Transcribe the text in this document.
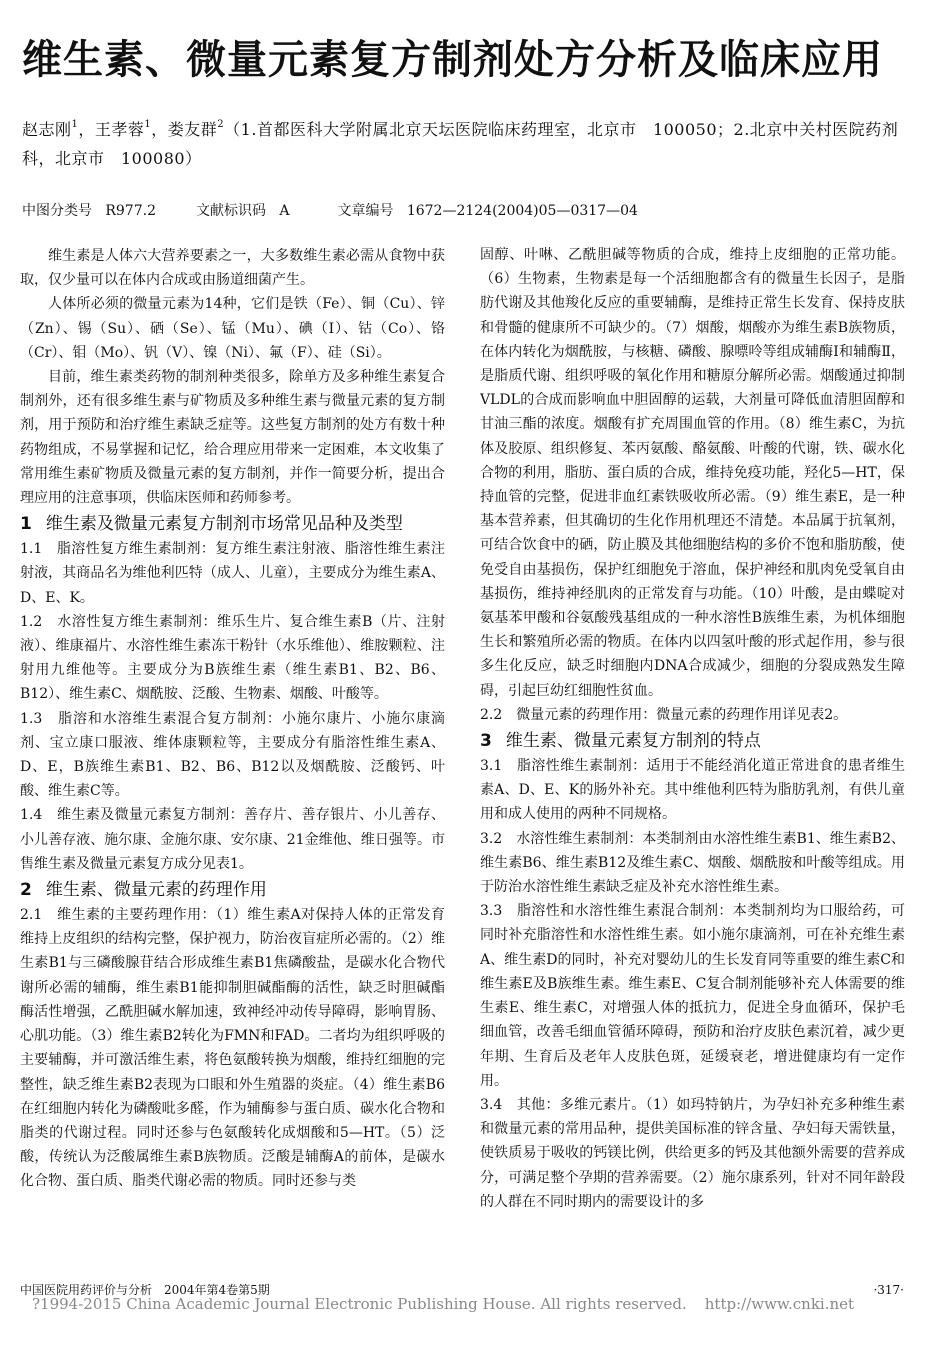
维生素、微量元素复方制剂处方分析及临床应用
赵志刚$^1$，王孝蓉$^1$，娄友群$^2$（1.首都医科大学附属北京天坛医院临床药理室，北京市　100050；2.北京中关村医院药剂科，北京市　100080）
中图分类号 R977.2	文献标识码 A	文章编号 1672—2124(2004)05—0317—04

维生素是人体六大营养要素之一，大多数维生素必需从食物中获取，仅少量可以在体内合成或由肠道细菌产生。

人体所必须的微量元素为14种，它们是铁（Fe）、铜（Cu）、锌（Zn）、锡（Su）、硒（Se）、锰（Mu）、碘（I）、钴（Co）、铬（Cr）、钼（Mo）、钒（V）、镍（Ni）、氟（F）、硅（Si）。

目前，维生素类药物的制剂种类很多，除单方及多种维生素复合制剂外，还有很多维生素与矿物质及多种维生素与微量元素的复方制剂，用于预防和治疗维生素缺乏症等。这些复方制剂的处方有数十种药物组成，不易掌握和记忆，给合理应用带来一定困难，本文收集了常用维生素矿物质及微量元素的复方制剂，并作一简要分析，提出合理应用的注意事项，供临床医师和药师参考。

1 维生素及微量元素复方制剂市场常见品种及类型

1.1　脂溶性复方维生素制剂：复方维生素注射液、脂溶性维生素注射液，其商品名为维他利匹特（成人、儿童），主要成分为维生素A、D、E、K。

1.2　水溶性复方维生素制剂：维乐生片、复合维生素B（片、注射液）、维康福片、水溶性维生素冻干粉针（水乐维他）、维胺颗粒、注射用九维他等。主要成分为B族维生素（维生素B1、B2、B6、B12）、维生素C、烟酰胺、泛酸、生物素、烟酸、叶酸等。

1.3　脂溶和水溶维生素混合复方制剂：小施尔康片、小施尔康滴剂、宝立康口服液、维体康颗粒等，主要成分有脂溶性维生素A、D、E，B族维生素B1、B2、B6、B12以及烟酰胺、泛酸钙、叶酸、维生素C等。

1.4　维生素及微量元素复方制剂：善存片、善存银片、小儿善存、小儿善存液、施尔康、金施尔康、安尔康、21金维他、维日强等。市售维生素及微量元素复方成分见表1。

2 维生素、微量元素的药理作用

2.1　维生素的主要药理作用：（1）维生素A对保持人体的正常发育维持上皮组织的结构完整，保护视力，防治夜盲症所必需的。（2）维生素B1与三磷酸腺苷结合形成维生素B1焦磷酸盐，是碳水化合物代谢所必需的辅酶，维生素B1能抑制胆碱酯酶的活性，缺乏时胆碱酯酶活性增强，乙酰胆碱水解加速，致神经冲动传导障碍，影响胃肠、心肌功能。（3）维生素B2转化为FMN和FAD。二者均为组织呼吸的主要辅酶，并可激活维生素，将色氨酸转换为烟酸，维持红细胞的完整性，缺乏维生素B2表现为口眼和外生殖器的炎症。（4）维生素B6在红细胞内转化为磷酸吡多醛，作为辅酶参与蛋白质、碳水化合物和脂类的代谢过程。同时还参与色氨酸转化成烟酸和5—HT。（5）泛酸，传统认为泛酸属维生素B族物质。泛酸是辅酶A的前体，是碳水化合物、蛋白质、脂类代谢必需的物质。同时还参与类

固醇、叶啉、乙酰胆碱等物质的合成，维持上皮细胞的正常功能。（6）生物素，生物素是每一个活细胞都含有的微量生长因子，是脂肪代谢及其他羧化反应的重要辅酶，是维持正常生长发育、保持皮肤和骨髓的健康所不可缺少的。（7）烟酸，烟酸亦为维生素B族物质，在体内转化为烟酰胺，与核糖、磷酸、腺嘌呤等组成辅酶Ⅰ和辅酶Ⅱ，是脂质代谢、组织呼吸的氧化作用和糖原分解所必需。烟酸通过抑制VLDL的合成而影响血中胆固醇的运载，大剂量可降低血清胆固醇和甘油三酯的浓度。烟酸有扩充周围血管的作用。（8）维生素C，为抗体及胶原、组织修复、苯丙氨酸、酪氨酸、叶酸的代谢，铁、碳水化合物的利用，脂肪、蛋白质的合成，维持免疫功能，羟化5—HT，保持血管的完整，促进非血红素铁吸收所必需。（9）维生素E，是一种基本营养素，但其确切的生化作用机理还不清楚。本品属于抗氧剂，可结合饮食中的硒，防止膜及其他细胞结构的多价不饱和脂肪酸，使免受自由基损伤，保护红细胞免于溶血，保护神经和肌肉免受氧自由基损伤，维持神经肌肉的正常发育与功能。（10）叶酸，是由蝶啶对氨基苯甲酸和谷氨酸残基组成的一种水溶性B族维生素，为机体细胞生长和繁殖所必需的物质。在体内以四氢叶酸的形式起作用，参与很多生化反应，缺乏时细胞内DNA合成减少，细胞的分裂成熟发生障碍，引起巨幼红细胞性贫血。

2.2　微量元素的药理作用：微量元素的药理作用详见表2。

3 维生素、微量元素复方制剂的特点

3.1　脂溶性维生素制剂：适用于不能经消化道正常进食的患者维生素A、D、E、K的肠外补充。其中维他利匹特为脂肪乳剂，有供儿童用和成人使用的两种不同规格。

3.2　水溶性维生素制剂：本类制剂由水溶性维生素B1、维生素B2、维生素B6、维生素B12及维生素C、烟酸、烟酰胺和叶酸等组成。用于防治水溶性维生素缺乏症及补充水溶性维生素。

3.3　脂溶性和水溶性维生素混合制剂：本类制剂均为口服给药，可同时补充脂溶性和水溶性维生素。如小施尔康滴剂，可在补充维生素A、维生素D的同时，补充对婴幼儿的生长发育同等重要的维生素C和维生素E及B族维生素。维生素E、C复合制剂能够补充人体需要的维生素E、维生素C，对增强人体的抵抗力，促进全身血循环，保护毛细血管，改善毛细血管循环障碍，预防和治疗皮肤色素沉着，减少更年期、生育后及老年人皮肤色斑，延缓衰老，增进健康均有一定作用。

3.4　其他：多维元素片。（1）如玛特钠片，为孕妇补充多种维生素和微量元素的常用品种，提供美国标准的锌含量、孕妇每天需铁量，使铁质易于吸收的钙镁比例，供给更多的钙及其他额外需要的营养成分，可满足整个孕期的营养需要。（2）施尔康系列，针对不同年龄段的人群在不同时期内的需要设计的多

中国医院用药评价与分析　2004年第4卷第5期	·317·
?1994-2015 China Academic Journal Electronic Publishing House. All rights reserved. http://www.cnki.net
